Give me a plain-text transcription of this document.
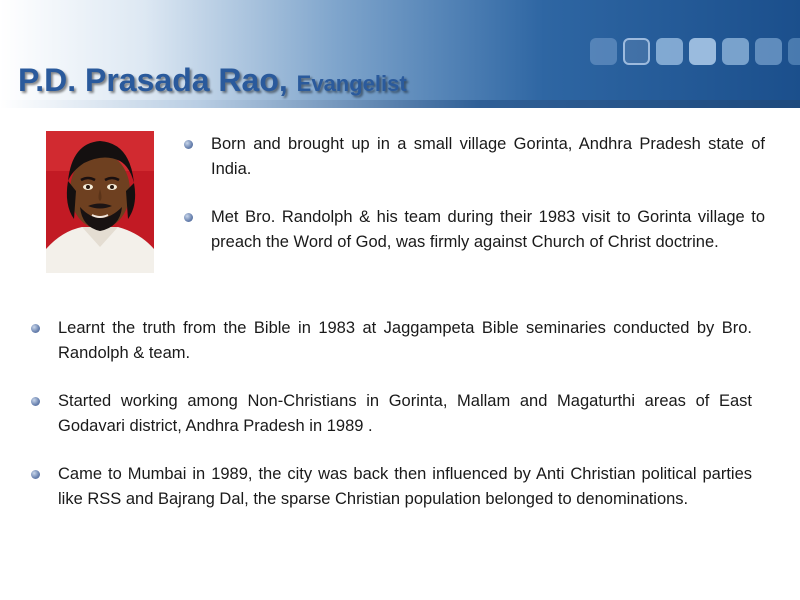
P.D. Prasada Rao, Evangelist
Born and brought up in a small village Gorinta, Andhra Pradesh state of India.
Met Bro. Randolph & his team during their 1983 visit to Gorinta village to preach the Word of God, was firmly against Church of Christ doctrine.
Learnt the truth from the Bible in 1983 at Jaggampeta Bible seminaries conducted by Bro. Randolph & team.
Started working among Non-Christians in Gorinta, Mallam and Magaturthi areas of East Godavari district, Andhra Pradesh in 1989 .
Came to Mumbai in 1989, the city was back then influenced by Anti Christian political parties like RSS and Bajrang Dal, the sparse Christian population belonged to denominations.
